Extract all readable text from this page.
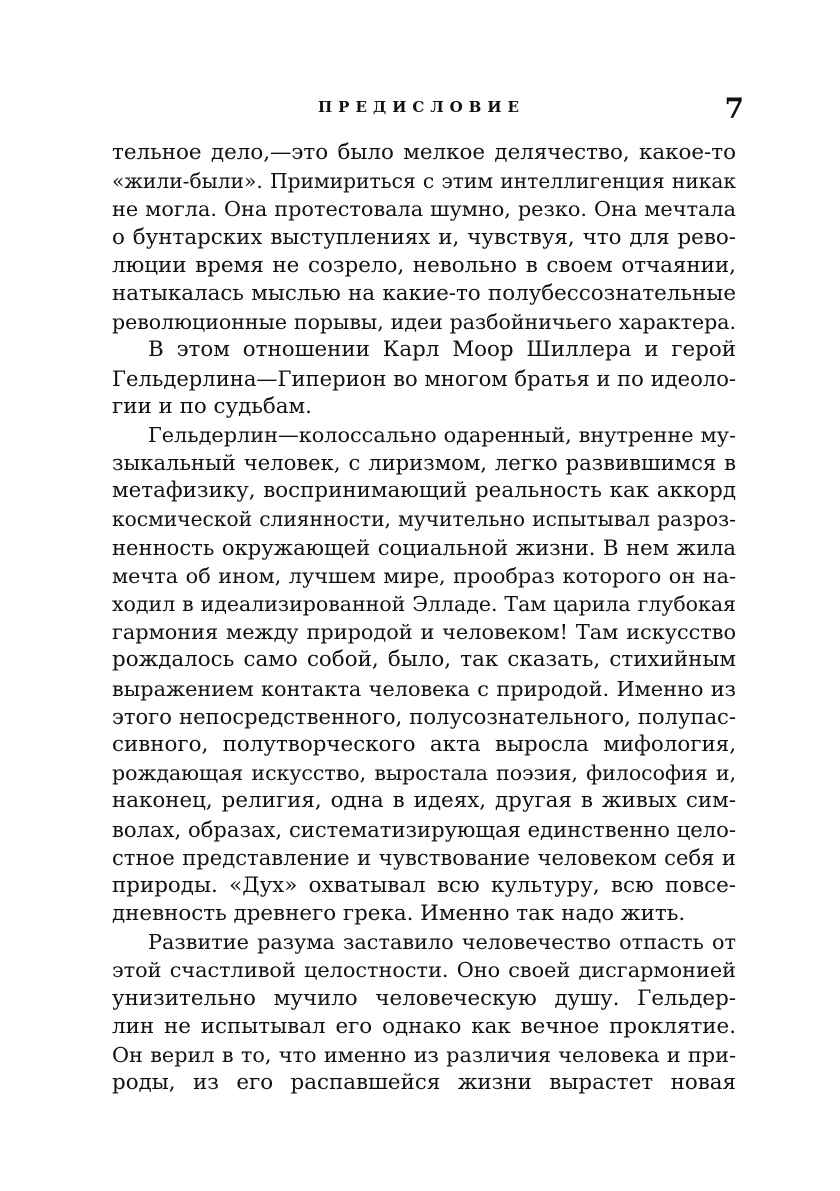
ПРЕДИСЛОВИЕ	7
тельное дело,—это было мелкое делячество, какое-то
«жили-были». Примириться с этим интеллигенция никак
не могла. Она протестовала шумно, резко. Она мечтала
о бунтарских выступлениях и, чувствуя, что для рево-
люции время не созрело, невольно в своем отчаянии,
натыкалась мыслью на какие-то полубессознательные
революционные порывы, идеи разбойничьего характера.
В этом отношении Карл Моор Шиллера и герой
Гельдерлина—Гиперион во многом братья и по идеоло-
гии и по судьбам.
Гельдерлин—колоссально одаренный, внутренне му-
зыкальный человек, с лиризмом, легко развившимся в
метафизику, воспринимающий реальность как аккорд
космической слиянности, мучительно испытывал разроз-
ненность окружающей социальной жизни. В нем жила
мечта об ином, лучшем мире, прообраз которого он на-
ходил в идеализированной Элладе. Там царила глубокая
гармония между природой и человеком! Там искусство
рождалось само собой, было, так сказать, стихийным
выражением контакта человека с природой. Именно из
этого непосредственного, полусознательного, полупас-
сивного, полутворческого акта выросла мифология,
рождающая искусство, выростала поэзия, философия и,
наконец, религия, одна в идеях, другая в живых сим-
волах, образах, систематизирующая единственно цело-
стное представление и чувствование человеком себя и
природы. «Дух» охватывал всю культуру, всю повсе-
дневность древнего грека. Именно так надо жить.
Развитие разума заставило человечество отпасть от
этой счастливой целостности. Оно своей дисгармонией
унизительно мучило человеческую душу. Гельдер-
лин не испытывал его однако как вечное проклятие.
Он верил в то, что именно из различия человека и при-
роды, из его распавшейся жизни вырастет новая
